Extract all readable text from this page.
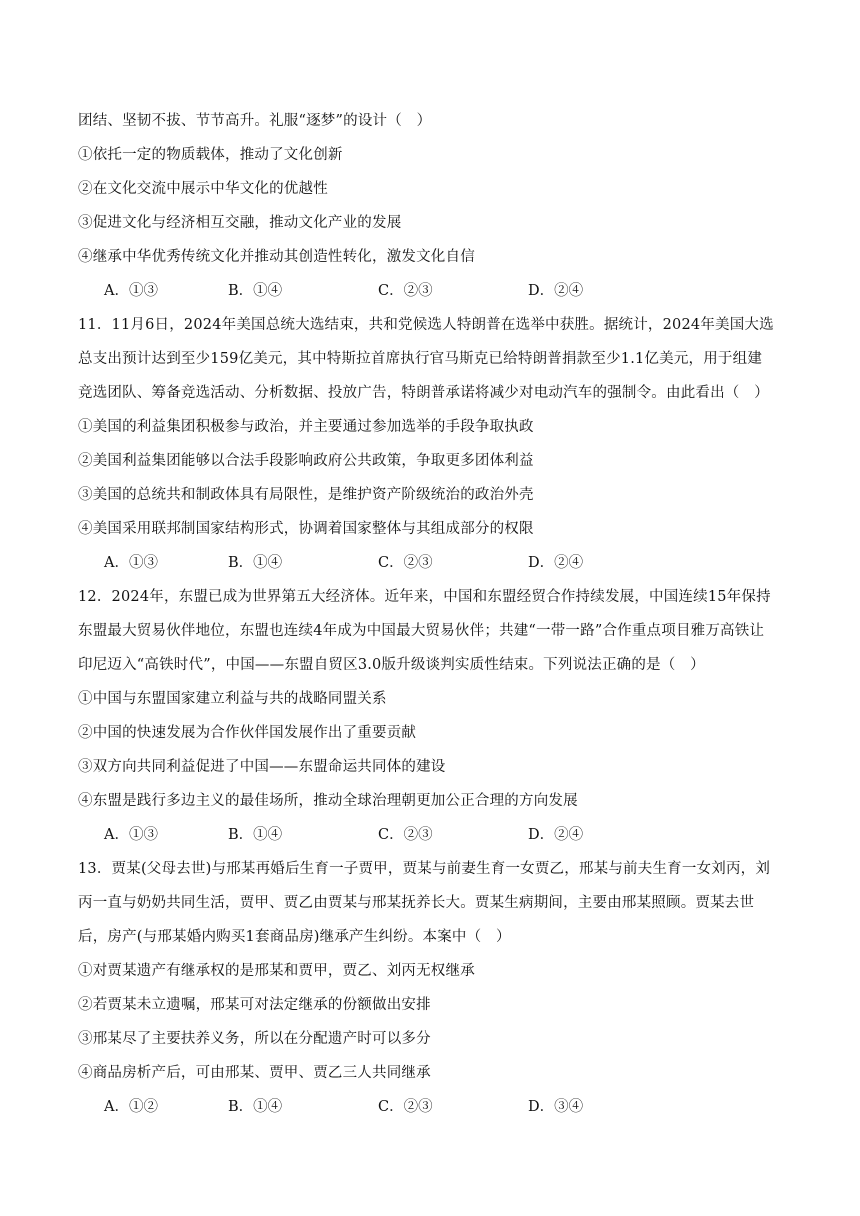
团结、坚韧不拔、节节高升。礼服“逐梦”的设计（　）
①依托一定的物质载体，推动了文化创新
②在文化交流中展示中华文化的优越性
③促进文化与经济相互交融，推动文化产业的发展
④继承中华优秀传统文化并推动其创造性转化，激发文化自信
A．①③	B．①④	C．②③	D．②④
11．11月6日，2024年美国总统大选结束，共和党候选人特朗普在选举中获胜。据统计，2024年美国大选
总支出预计达到至少159亿美元，其中特斯拉首席执行官马斯克已给特朗普捐款至少1.1亿美元，用于组建
竞选团队、筹备竞选活动、分析数据、投放广告，特朗普承诺将减少对电动汽车的强制令。由此看出（　）
①美国的利益集团积极参与政治，并主要通过参加选举的手段争取执政
②美国利益集团能够以合法手段影响政府公共政策，争取更多团体利益
③美国的总统共和制政体具有局限性，是维护资产阶级统治的政治外壳
④美国采用联邦制国家结构形式，协调着国家整体与其组成部分的权限
A．①③	B．①④	C．②③	D．②④
12．2024年，东盟已成为世界第五大经济体。近年来，中国和东盟经贸合作持续发展，中国连续15年保持
东盟最大贸易伙伴地位，东盟也连续4年成为中国最大贸易伙伴；共建“一带一路”合作重点项目雅万高铁让
印尼迈入“高铁时代”，中国——东盟自贸区3.0版升级谈判实质性结束。下列说法正确的是（　）
①中国与东盟国家建立利益与共的战略同盟关系
②中国的快速发展为合作伙伴国发展作出了重要贡献
③双方向共同利益促进了中国——东盟命运共同体的建设
④东盟是践行多边主义的最佳场所，推动全球治理朝更加公正合理的方向发展
A．①③	B．①④	C．②③	D．②④
13．贾某(父母去世)与邢某再婚后生育一子贾甲，贾某与前妻生育一女贾乙，邢某与前夫生育一女刘丙，刘
丙一直与奶奶共同生活，贾甲、贾乙由贾某与邢某抚养长大。贾某生病期间，主要由邢某照顾。贾某去世
后，房产(与邢某婚内购买1套商品房)继承产生纠纷。本案中（　）
①对贾某遗产有继承权的是邢某和贾甲，贾乙、刘丙无权继承
②若贾某未立遗嘱，邢某可对法定继承的份额做出安排
③邢某尽了主要扶养义务，所以在分配遗产时可以多分
④商品房析产后，可由邢某、贾甲、贾乙三人共同继承
A．①②	B．①④	C．②③	D．③④
